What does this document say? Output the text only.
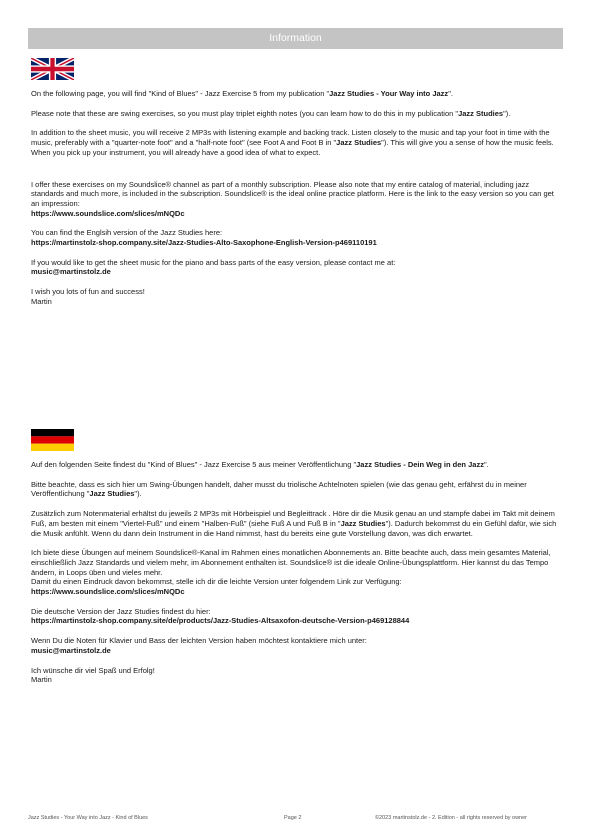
Information

On the following page, you will find "Kind of Blues" - Jazz Exercise 5 from my publication "Jazz Studies - Your Way into Jazz".

Please note that these are swing exercises, so you must play triplet eighth notes (you can learn how to do this in my publication "Jazz Studies").

In addition to the sheet music, you will receive 2 MP3s with listening example and backing track. Listen closely to the music and tap your foot in time with the music, preferably with a "quarter-note foot" and a "half-note foot" (see Foot A and Foot B in "Jazz Studies"). This will give you a sense of how the music feels. When you pick up your instrument, you will already have a good idea of what to expect.

I offer these exercises on my Soundslice® channel as part of a monthly subscription. Please also note that my entire catalog of material, including jazz standards and much more, is included in the subscription. Soundslice® is the ideal online practice platform. Here is the link to the easy version so you can get an impression:
https://www.soundslice.com/slices/mNQDc

You can find the Englsih version of the Jazz Studies here:
https://martinstolz-shop.company.site/Jazz-Studies-Alto-Saxophone-English-Version-p469110191

If you would like to get the sheet music for the piano and bass parts of the easy version, please contact me at:
music@martinstolz.de

I wish you lots of fun and success!
Martin

Auf den folgenden Seite findest du "Kind of Blues" - Jazz Exercise 5 aus meiner Veröffentlichung "Jazz Studies - Dein Weg in den Jazz".

Bitte beachte, dass es sich hier um Swing-Übungen handelt, daher musst du triolische Achtelnoten spielen (wie das genau geht, erfährst du in meiner Veröffentlichung "Jazz Studies").

Zusätzlich zum Notenmaterial erhältst du jeweils 2 MP3s mit Hörbeispiel und Begleittrack . Höre dir die Musik genau an und stampfe dabei im Takt mit deinem Fuß, am besten mit einem "Viertel-Fuß" und einem "Halben-Fuß" (siehe Fuß A und Fuß B in "Jazz Studies"). Dadurch bekommst du ein Gefühl dafür, wie sich die Musik anfühlt. Wenn du dann dein Instrument in die Hand nimmst, hast du bereits eine gute Vorstellung davon, was dich erwartet.

Ich biete diese Übungen auf meinem Soundslice®-Kanal im Rahmen eines monatlichen Abonnements an. Bitte beachte auch, dass mein gesamtes Material, einschließlich Jazz Standards und vielem mehr, im Abonnement enthalten ist. Soundslice® ist die ideale Online-Übungsplattform. Hier kannst du das Tempo ändern, in Loops üben und vieles mehr.
Damit du einen Eindruck davon bekommst, stelle ich dir die leichte Version unter folgendem Link zur Verfügung:
https://www.soundslice.com/slices/mNQDc

Die deutsche Version der Jazz Studies findest du hier:
https://martinstolz-shop.company.site/de/products/Jazz-Studies-Altsaxofon-deutsche-Version-p469128844

Wenn Du die Noten für Klavier und Bass der leichten Version haben möchtest kontaktiere mich unter:
music@martinstolz.de

Ich wünsche dir viel Spaß und Erfolg!
Martin

Jazz Studies - Your Way into Jazz - Kind of Blues	Page 2	©2023 martinstolz.de - 2. Edition - all rights reserved by owner
